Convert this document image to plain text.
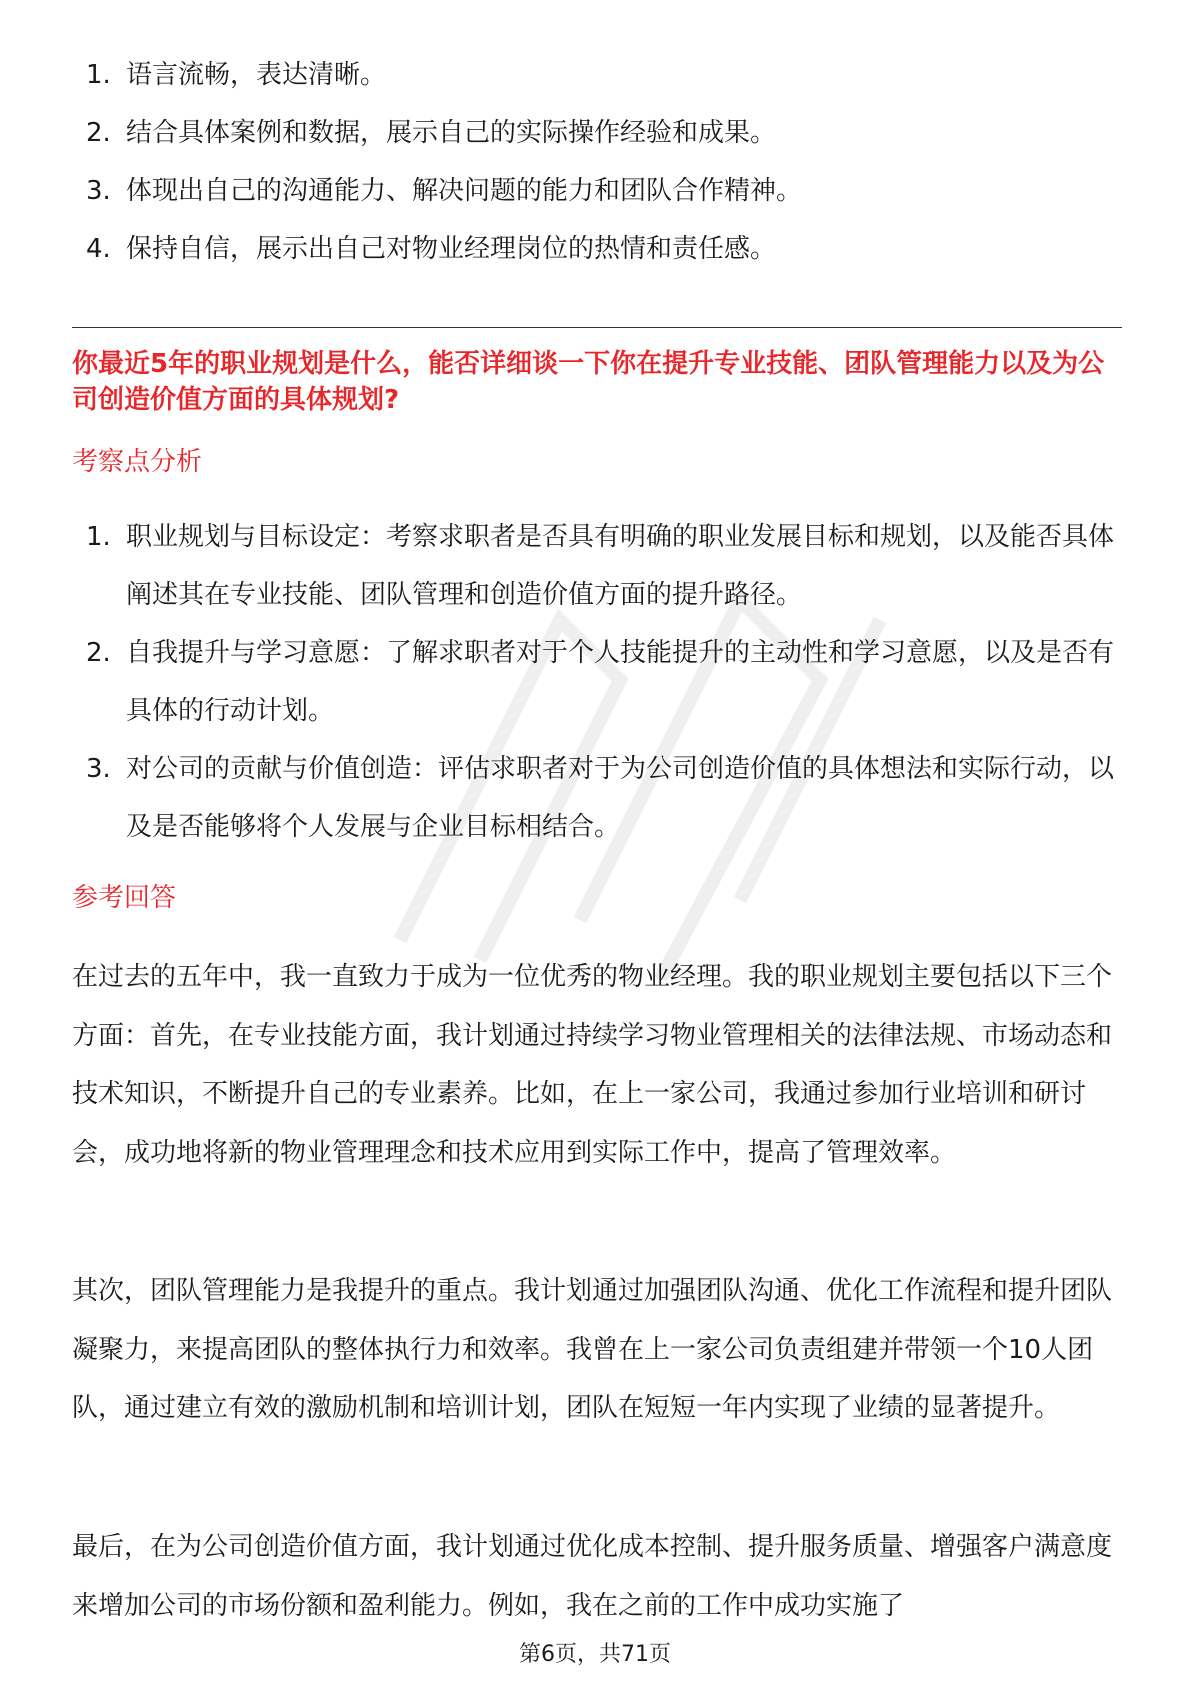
1. 语言流畅，表达清晰。
2. 结合具体案例和数据，展示自己的实际操作经验和成果。
3. 体现出自己的沟通能力、解决问题的能力和团队合作精神。
4. 保持自信，展示出自己对物业经理岗位的热情和责任感。
你最近5年的职业规划是什么，能否详细谈一下你在提升专业技能、团队管理能力以及为公司创造价值方面的具体规划?
考察点分析
1. 职业规划与目标设定：考察求职者是否具有明确的职业发展目标和规划，以及能否具体阐述其在专业技能、团队管理和创造价值方面的提升路径。
2. 自我提升与学习意愿：了解求职者对于个人技能提升的主动性和学习意愿，以及是否有具体的行动计划。
3. 对公司的贡献与价值创造：评估求职者对于为公司创造价值的具体想法和实际行动，以及是否能够将个人发展与企业目标相结合。
参考回答

在过去的五年中，我一直致力于成为一位优秀的物业经理。我的职业规划主要包括以下三个方面：首先，在专业技能方面，我计划通过持续学习物业管理相关的法律法规、市场动态和技术知识，不断提升自己的专业素养。比如，在上一家公司，我通过参加行业培训和研讨会，成功地将新的物业管理理念和技术应用到实际工作中，提高了管理效率。

其次，团队管理能力是我提升的重点。我计划通过加强团队沟通、优化工作流程和提升团队凝聚力，来提高团队的整体执行力和效率。我曾在上一家公司负责组建并带领一个10人团队，通过建立有效的激励机制和培训计划，团队在短短一年内实现了业绩的显著提升。

最后，在为公司创造价值方面，我计划通过优化成本控制、提升服务质量、增强客户满意度来增加公司的市场份额和盈利能力。例如，我在之前的工作中成功实施了

第6页，共71页
